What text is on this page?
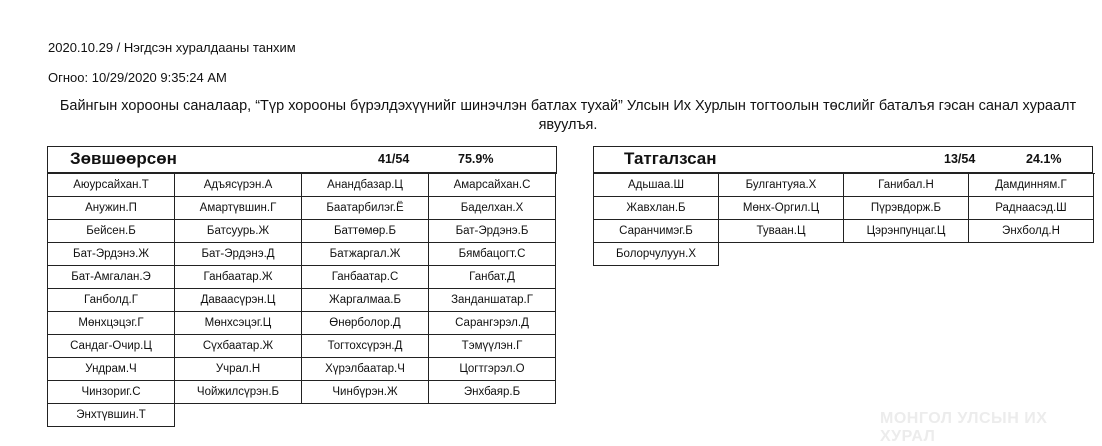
2020.10.29 / Нэгдсэн хуралдааны танхим
Огноо: 10/29/2020 9:35:24 AM
Байнгын хорооны саналаар, “Түр хорооны бүрэлдэхүүнийг шинэчлэн батлах тухай” Улсын Их Хурлын тогтоолын төслийг баталъя гэсан санал хураалт явуулъя.
Зөвшөөрсөн	41/54	75.9%
Аюурсайхан.Т	Адъясүрэн.А	Анандбазар.Ц	Амарсайхан.С
Анужин.П	Амартүвшин.Г	Баатарбилэг.Ё	Баделхан.Х
Бейсен.Б	Батсуурь.Ж	Баттөмөр.Б	Бат-Эрдэнэ.Б
Бат-Эрдэнэ.Ж	Бат-Эрдэнэ.Д	Батжаргал.Ж	Бямбацогт.С
Бат-Амгалан.Э	Ганбаатар.Ж	Ганбаатар.С	Ганбат.Д
Ганболд.Г	Даваасүрэн.Ц	Жаргалмаа.Б	Занданшатар.Г
Мөнхцэцэг.Г	Мөнхсэцэг.Ц	Өнөрболор.Д	Сарангэрэл.Д
Сандаг-Очир.Ц	Сүхбаатар.Ж	Тогтохсүрэн.Д	Тэмүүлэн.Г
Ундрам.Ч	Учрал.Н	Хүрэлбаатар.Ч	Цогтгэрэл.О
Чинзориг.С	Чойжилсүрэн.Б	Чинбүрэн.Ж	Энхбаяр.Б
Энхтүвшин.Т
Татгалзсан	13/54	24.1%
Адьшаа.Ш	Булгантуяа.Х	Ганибал.Н	Дамдинням.Г
Жавхлан.Б	Мөнх-Оргил.Ц	Пүрэвдорж.Б	Раднаасэд.Ш
Саранчимэг.Б	Туваан.Ц	Цэрэнпунцаг.Ц	Энхболд.Н
Болорчулуун.Х
МОНГОЛ УЛСЫН ИХ ХУРАЛ
